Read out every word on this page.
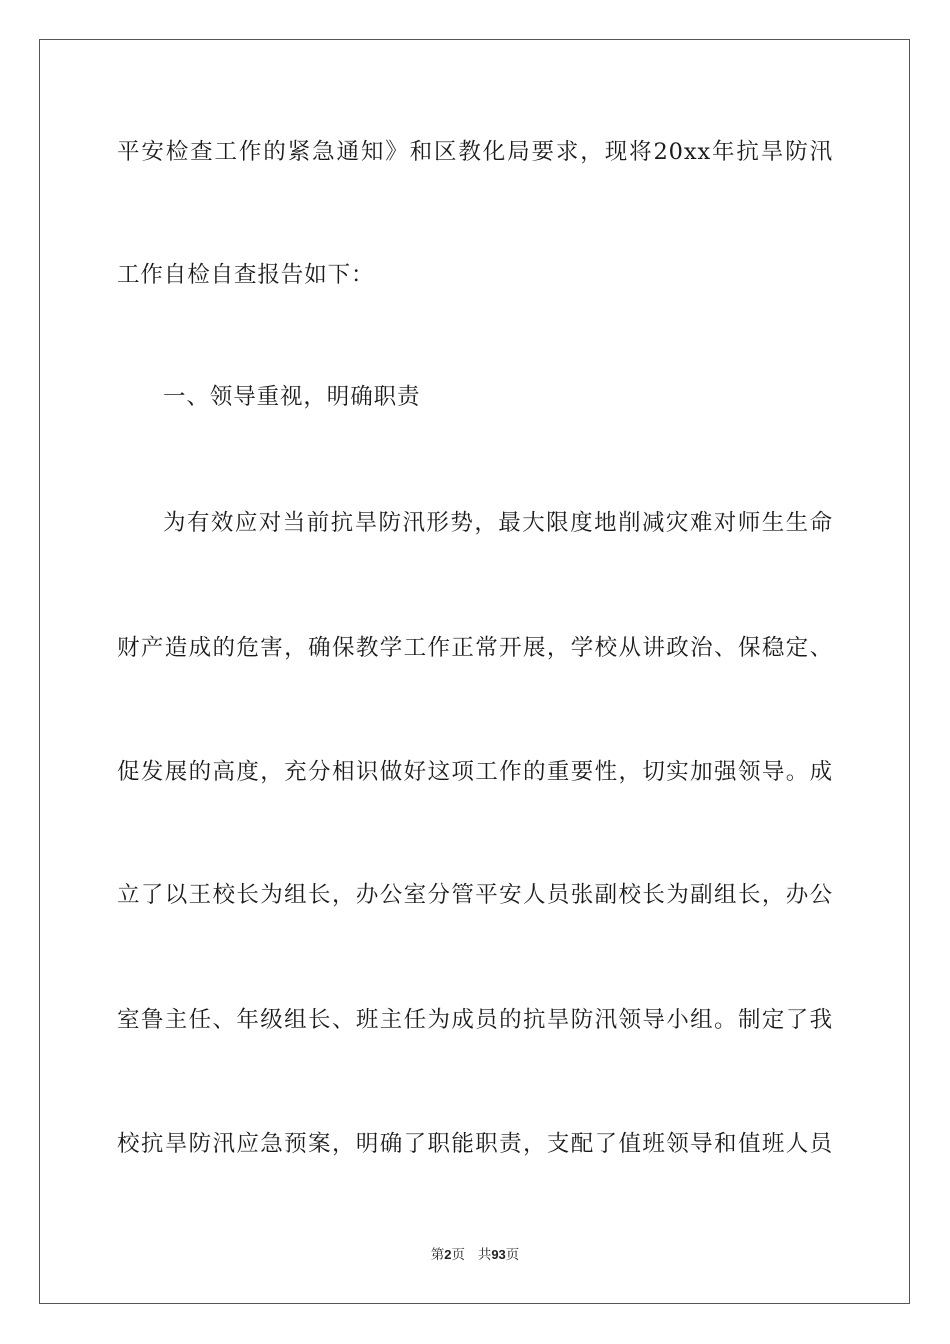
平安检查工作的紧急通知》和区教化局要求，现将20xx年抗旱防汛
工作自检自查报告如下：
一、领导重视，明确职责
为有效应对当前抗旱防汛形势，最大限度地削减灾难对师生生命
财产造成的危害，确保教学工作正常开展，学校从讲政治、保稳定、
促发展的高度，充分相识做好这项工作的重要性，切实加强领导。成
立了以王校长为组长，办公室分管平安人员张副校长为副组长，办公
室鲁主任、年级组长、班主任为成员的抗旱防汛领导小组。制定了我
校抗旱防汛应急预案，明确了职能职责，支配了值班领导和值班人员
第2页 共93页
